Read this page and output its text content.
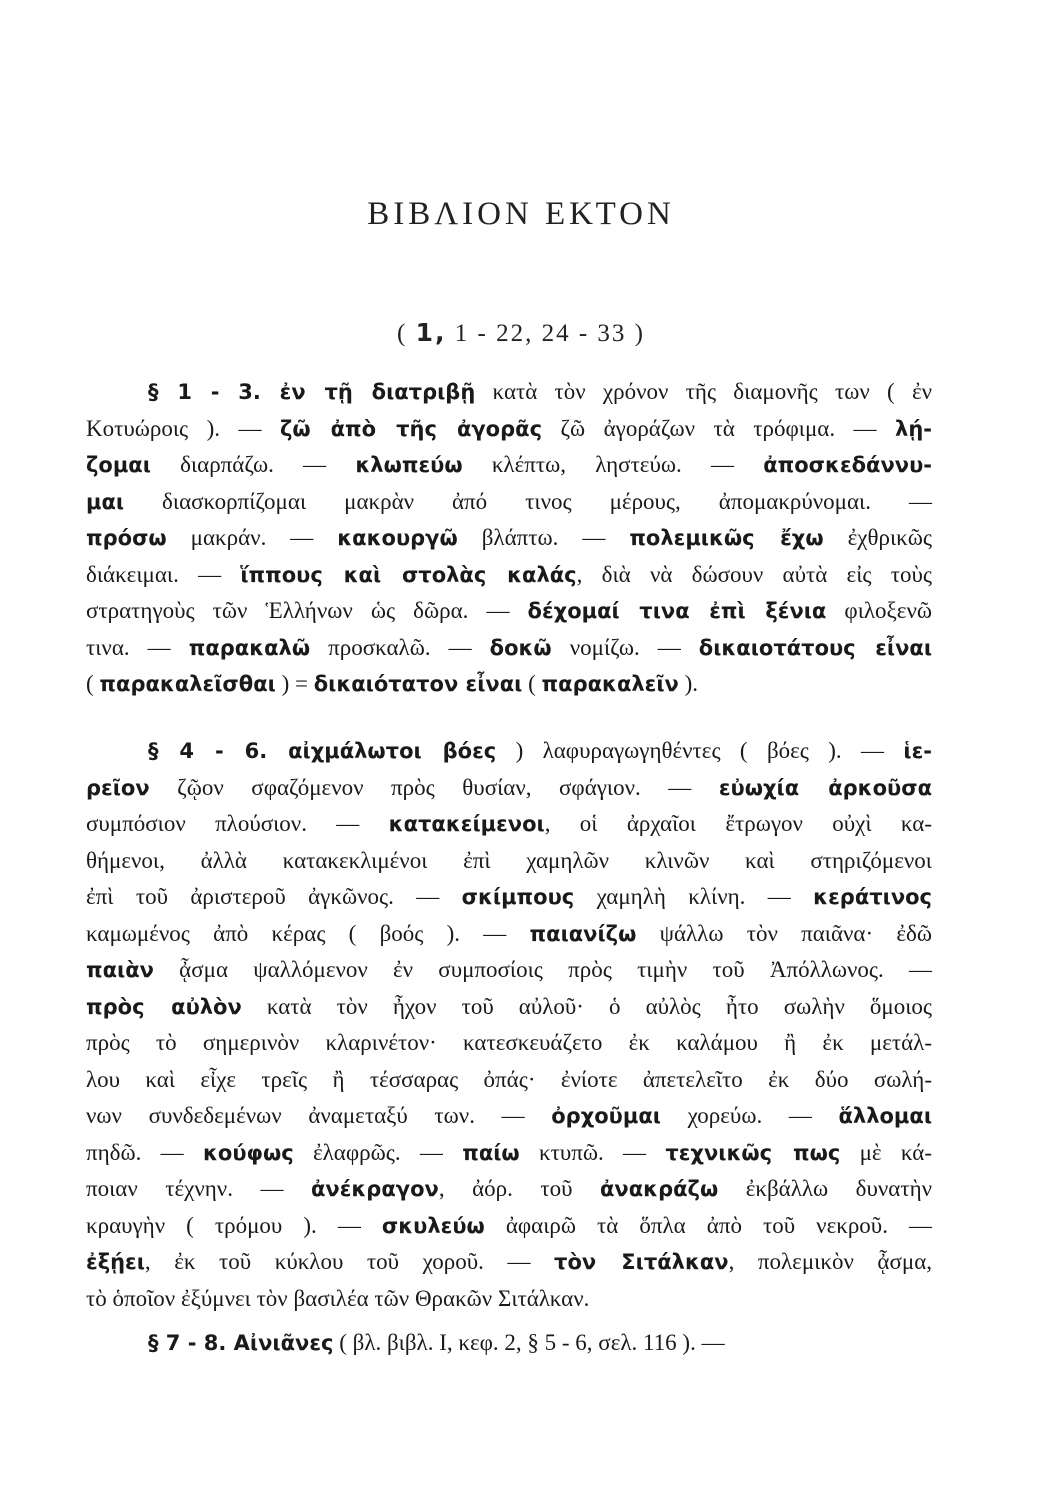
ΒΙΒΛΙΟΝ ΕΚΤΟΝ
( 1, 1 - 22, 24 - 33 )
§ 1 - 3. ἐν τῇ διατριβῇ κατὰ τὸν χρόνον τῆς διαμονῆς των ( ἐν
Κοτυώροις ). — ζῶ ἀπὸ τῆς ἀγορᾶς ζῶ ἀγοράζων τὰ τρόφιμα. — λῄ-
ζομαι διαρπάζω. — κλωπεύω κλέπτω, ληστεύω. — ἀποσκεδάννυ-
μαι διασκορπίζομαι μακρὰν ἀπό τινος μέρους, ἀπομακρύνομαι. —
πρόσω μακράν. — κακουργῶ βλάπτω. — πολεμικῶς ἔχω ἐχθρικῶς
διάκειμαι. — ἵππους καὶ στολὰς καλάς, διὰ νὰ δώσουν αὐτὰ εἰς τοὺς
στρατηγοὺς τῶν Ἑλλήνων ὡς δῶρα. — δέχομαί τινα ἐπὶ ξένια φιλοξενῶ
τινα. — παρακαλῶ προσκαλῶ. — δοκῶ νομίζω. — δικαιοτάτους εἶναι
( παρακαλεῖσθαι ) = δικαιότατον εἶναι ( παρακαλεῖν ).
§ 4 - 6. αἰχμάλωτοι βόες ) λαφυραγωγηθέντες ( βόες ). — ἱε-
ρεῖον ζῷον σφαζόμενον πρὸς θυσίαν, σφάγιον. — εὐωχία ἀρκοῦσα
συμπόσιον πλούσιον. — κατακείμενοι, οἱ ἀρχαῖοι ἔτρωγον οὐχὶ κα-
θήμενοι, ἀλλὰ κατακεκλιμένοι ἐπὶ χαμηλῶν κλινῶν καὶ στηριζόμενοι
ἐπὶ τοῦ ἀριστεροῦ ἀγκῶνος. — σκίμπους χαμηλὴ κλίνη. — κεράτινος
καμωμένος ἀπὸ κέρας ( βοός ). — παιανίζω ψάλλω τὸν παιᾶνα· ἐδῶ
παιὰν ᾆσμα ψαλλόμενον ἐν συμποσίοις πρὸς τιμὴν τοῦ Ἀπόλλωνος. —
πρὸς αὐλὸν κατὰ τὸν ἦχον τοῦ αὐλοῦ· ὁ αὐλὸς ἦτο σωλὴν ὅμοιος
πρὸς τὸ σημερινὸν κλαρινέτον· κατεσκευάζετο ἐκ καλάμου ἢ ἐκ μετάλ-
λου καὶ εἶχε τρεῖς ἢ τέσσαρας ὀπάς· ἐνίοτε ἀπετελεῖτο ἐκ δύο σωλή-
νων συνδεδεμένων ἀναμεταξύ των. — ὀρχοῦμαι χορεύω. — ἅλλομαι
πηδῶ. — κούφως ἐλαφρῶς. — παίω κτυπῶ. — τεχνικῶς πως μὲ κά-
ποιαν τέχνην. — ἀνέκραγον, ἀόρ. τοῦ ἀνακράζω ἐκβάλλω δυνατὴν
κραυγὴν ( τρόμου ). — σκυλεύω ἀφαιρῶ τὰ ὅπλα ἀπὸ τοῦ νεκροῦ. —
ἐξῄει, ἐκ τοῦ κύκλου τοῦ χοροῦ. — τὸν Σιτάλκαν, πολεμικὸν ᾆσμα,
τὸ ὁποῖον ἐξύμνει τὸν βασιλέα τῶν Θρακῶν Σιτάλκαν.
§ 7 - 8. Αἰνιᾶνες ( βλ. βιβλ. Ι, κεφ. 2, § 5 - 6, σελ. 116 ). —
